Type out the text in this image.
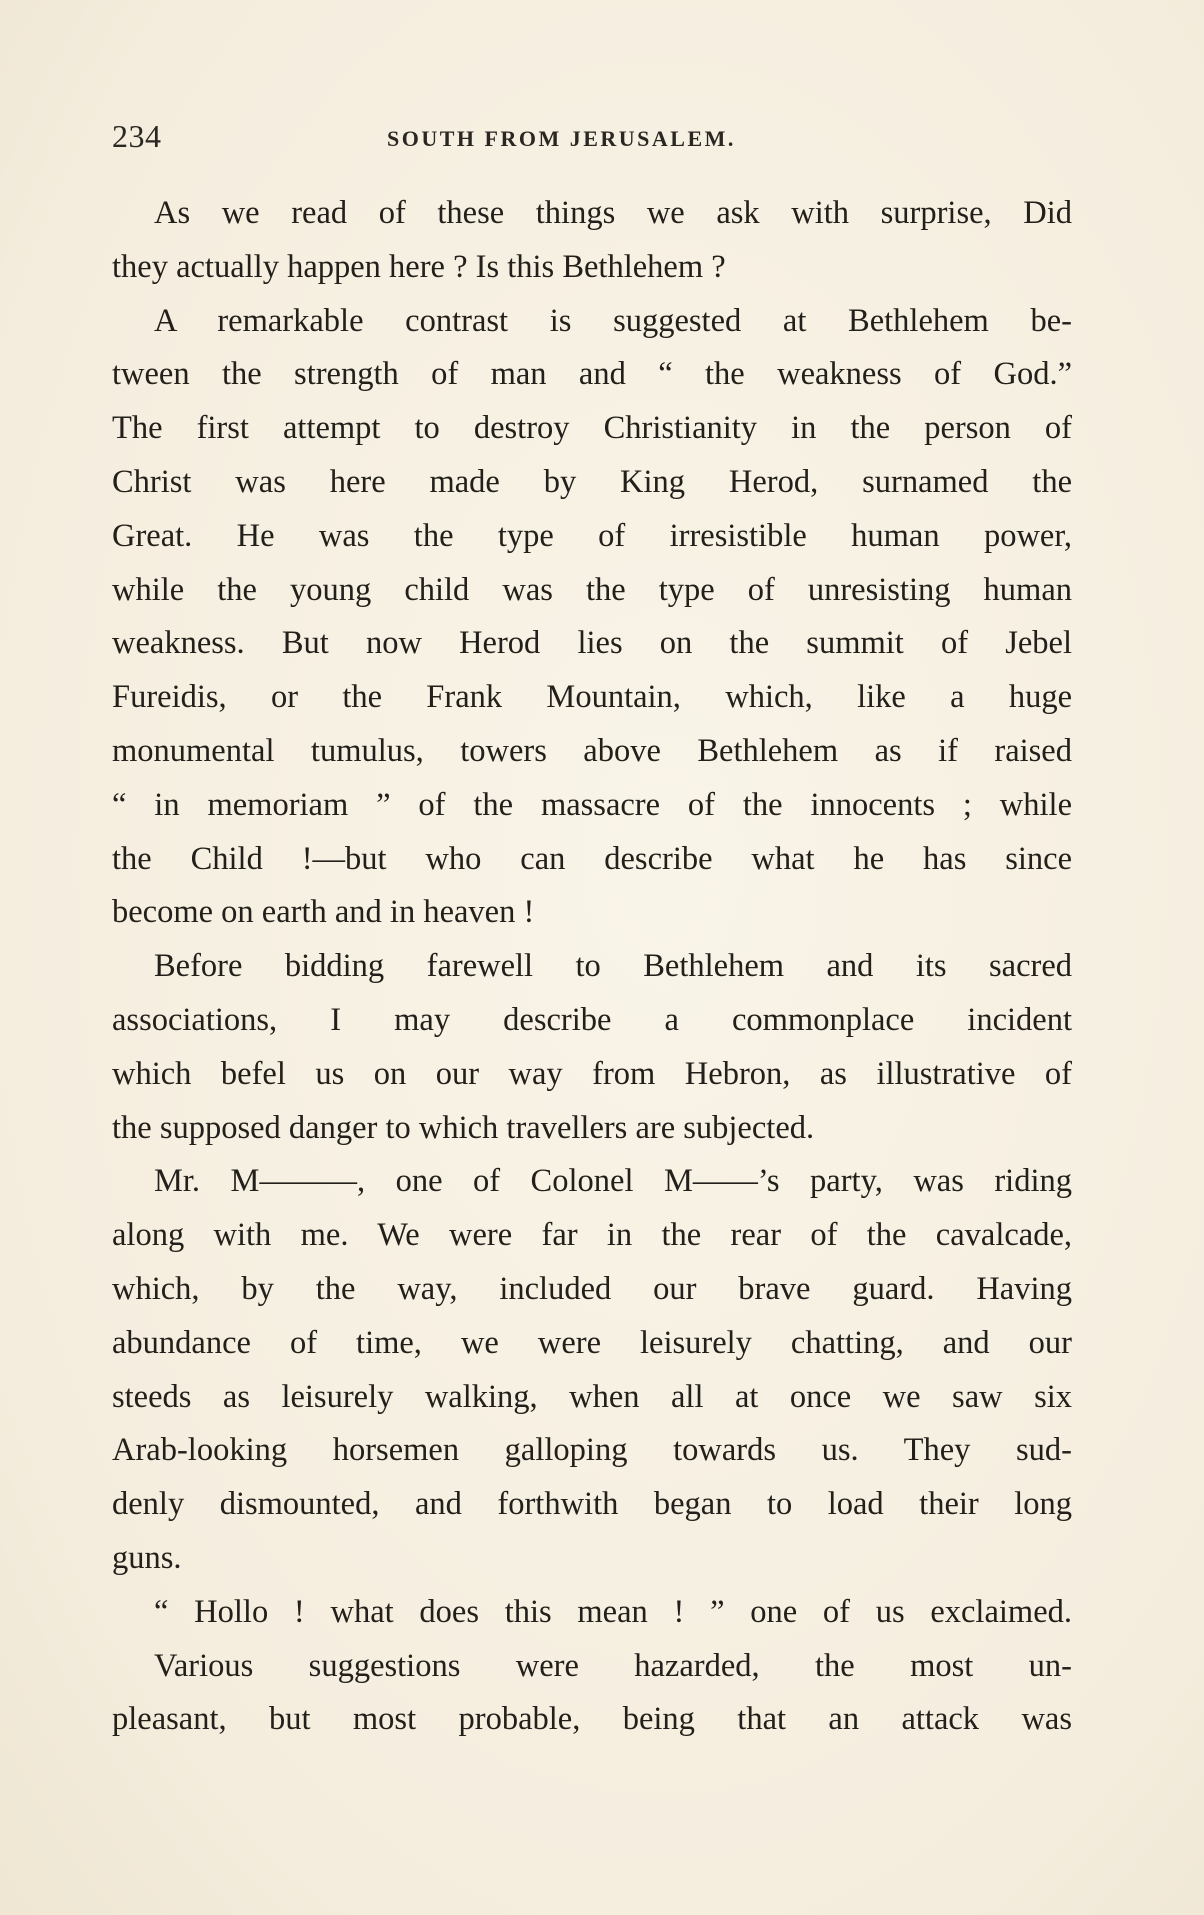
234	SOUTH FROM JERUSALEM.
As we read of these things we ask with surprise, Did
they actually happen here ? Is this Bethlehem ?
A remarkable contrast is suggested at Bethlehem be-
tween the strength of man and “ the weakness of God.”
The first attempt to destroy Christianity in the person of
Christ was here made by King Herod, surnamed the
Great. He was the type of irresistible human power,
while the young child was the type of unresisting human
weakness. But now Herod lies on the summit of Jebel
Fureidis, or the Frank Mountain, which, like a huge
monumental tumulus, towers above Bethlehem as if raised
“ in memoriam ” of the massacre of the innocents ; while
the Child !—but who can describe what he has since
become on earth and in heaven !
Before bidding farewell to Bethlehem and its sacred
associations, I may describe a commonplace incident
which befel us on our way from Hebron, as illustrative of
the supposed danger to which travellers are subjected.
Mr. M———, one of Colonel M——’s party, was riding
along with me. We were far in the rear of the cavalcade,
which, by the way, included our brave guard. Having
abundance of time, we were leisurely chatting, and our
steeds as leisurely walking, when all at once we saw six
Arab-looking horsemen galloping towards us. They sud-
denly dismounted, and forthwith began to load their long
guns.
“ Hollo ! what does this mean ! ” one of us exclaimed.
Various suggestions were hazarded, the most un-
pleasant, but most probable, being that an attack was
